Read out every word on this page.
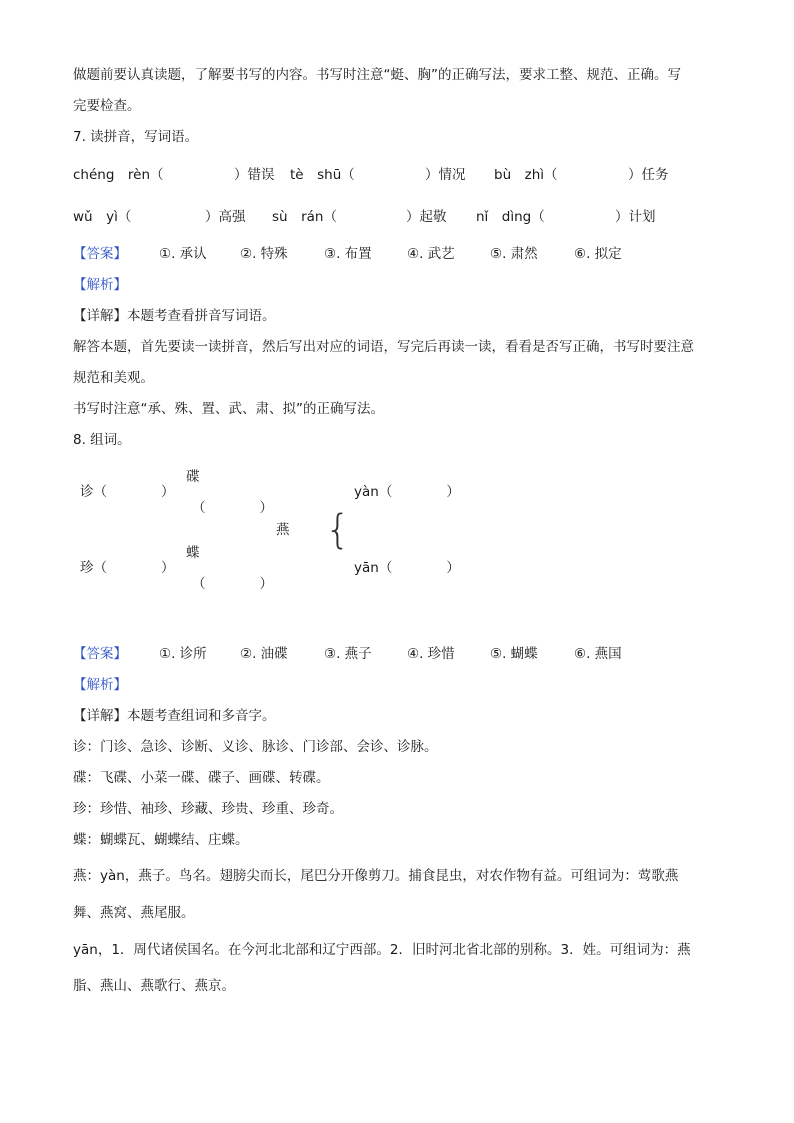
做题前要认真读题，了解要书写的内容。书写时注意“蜓、胸”的正确写法，要求工整、规范、正确。写
完要检查。
7. 读拼音，写词语。
chéng　rèn（	）错误 tè　shū（	）情况 bù　zhì（	）任务
wǔ　yì（	）高强 sù　rán（	）起敬 nǐ　dìng（	）计划
【答案】 ①. 承认 ②. 特殊	③. 布置	④. 武艺	⑤. 肃然	⑥. 拟定
【解析】
【详解】本题考查看拼音写词语。
解答本题，首先要读一读拼音，然后写出对应的词语，写完后再读一读，看看是否写正确，书写时要注意
规范和美观。
书写时注意“承、殊、置、武、肃、拟”的正确写法。
8. 组词。
诊（　　　　）
碟
（　　　　）
珍（　　　　）
蝶
（　　　　）
燕 {
yàn（　　　　）
yān（　　　　）
【答案】 ①. 诊所 ②. 油碟	③. 燕子	④. 珍惜	⑤. 蝴蝶	⑥. 燕国
【解析】
【详解】本题考查组词和多音字。
诊：门诊、急诊、诊断、义诊、脉诊、门诊部、会诊、诊脉。
碟：飞碟、小菜一碟、碟子、画碟、转碟。
珍：珍惜、袖珍、珍藏、珍贵、珍重、珍奇。
蝶：蝴蝶瓦、蝴蝶结、庄蝶。
燕：yàn，燕子。鸟名。翅膀尖而长，尾巴分开像剪刀。捕食昆虫，对农作物有益。可组词为：莺歌燕
舞、燕窝、燕尾服。
yān，1．周代诸侯国名。在今河北北部和辽宁西部。2．旧时河北省北部的别称。3．姓。可组词为：燕
脂、燕山、燕歌行、燕京。
